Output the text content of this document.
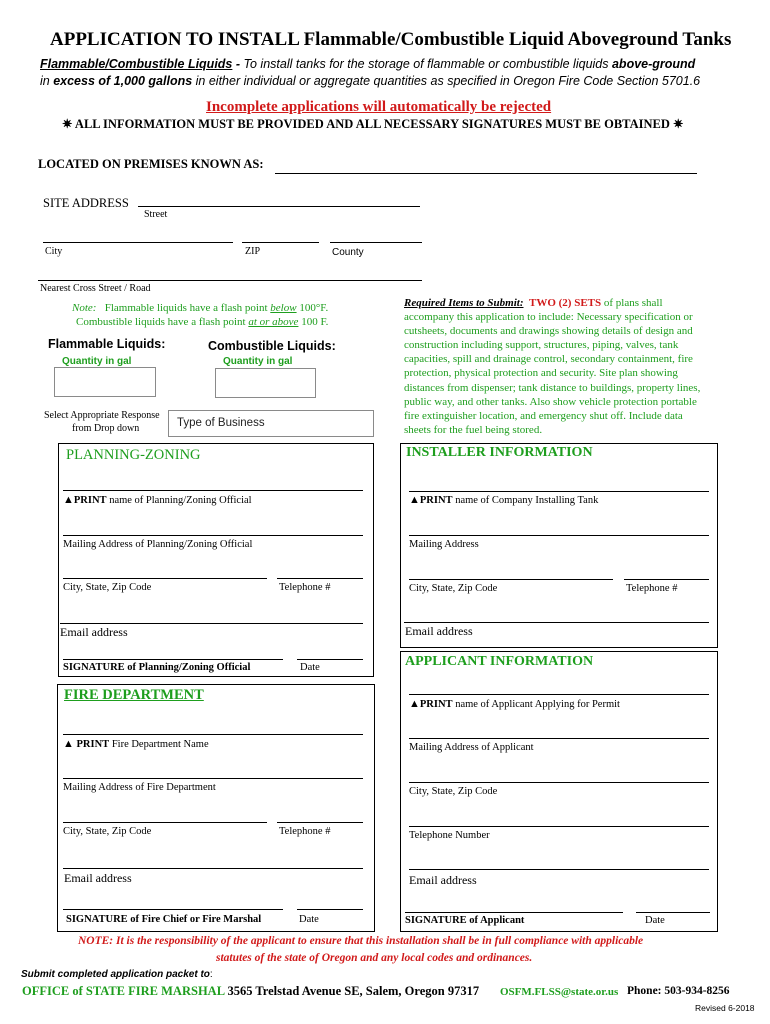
APPLICATION TO INSTALL Flammable/Combustible Liquid Aboveground Tanks
Flammable/Combustible Liquids - To install tanks for the storage of flammable or combustible liquids above-ground
in excess of 1,000 gallons in either individual or aggregate quantities as specified in Oregon Fire Code Section 5701.6
Incomplete applications will automatically be rejected
✷ ALL INFORMATION MUST BE PROVIDED AND ALL NECESSARY SIGNATURES MUST BE OBTAINED ✷
LOCATED ON PREMISES KNOWN AS:
SITE ADDRESS
Street
City	ZIP	County
Nearest Cross Street / Road
Note: Flammable liquids have a flash point below 100°F.
Combustible liquids have a flash point at or above 100 F.
Flammable Liquids:	Combustible Liquids:
Quantity in gal	Quantity in gal
Select Appropriate Response
from Drop down	Type of Business
Required Items to Submit: TWO (2) SETS of plans shall
accompany this application to include: Necessary specification or
cutsheets, documents and drawings showing details of design and
construction including support, structures, piping, valves, tank
capacities, spill and drainage control, secondary containment, fire
protection, physical protection and security. Site plan showing
distances from dispenser; tank distance to buildings, property lines,
public way, and other tanks. Also show vehicle protection portable
fire extinguisher location, and emergency shut off. Include data
sheets for the fuel being stored.
PLANNING-ZONING
▲PRINT name of Planning/Zoning Official
Mailing Address of Planning/Zoning Official
City, State, Zip Code	Telephone #
Email address
SIGNATURE of Planning/Zoning Official	Date
INSTALLER INFORMATION
▲PRINT name of Company Installing Tank
Mailing Address
City, State, Zip Code	Telephone #
Email address
FIRE DEPARTMENT
▲ PRINT Fire Department Name
Mailing Address of Fire Department
City, State, Zip Code	Telephone #
Email address
SIGNATURE of Fire Chief or Fire Marshal	Date
APPLICANT INFORMATION
▲PRINT name of Applicant Applying for Permit
Mailing Address of Applicant
City, State, Zip Code
Telephone Number
Email address
SIGNATURE of Applicant	Date
NOTE: It is the responsibility of the applicant to ensure that this installation shall be in full compliance with applicable
statutes of the state of Oregon and any local codes and ordinances.
Submit completed application packet to:
OFFICE of STATE FIRE MARSHAL 3565 Trelstad Avenue SE, Salem, Oregon 97317 OSFM.FLSS@state.or.us Phone: 503-934-8256
Revised 6-2018
